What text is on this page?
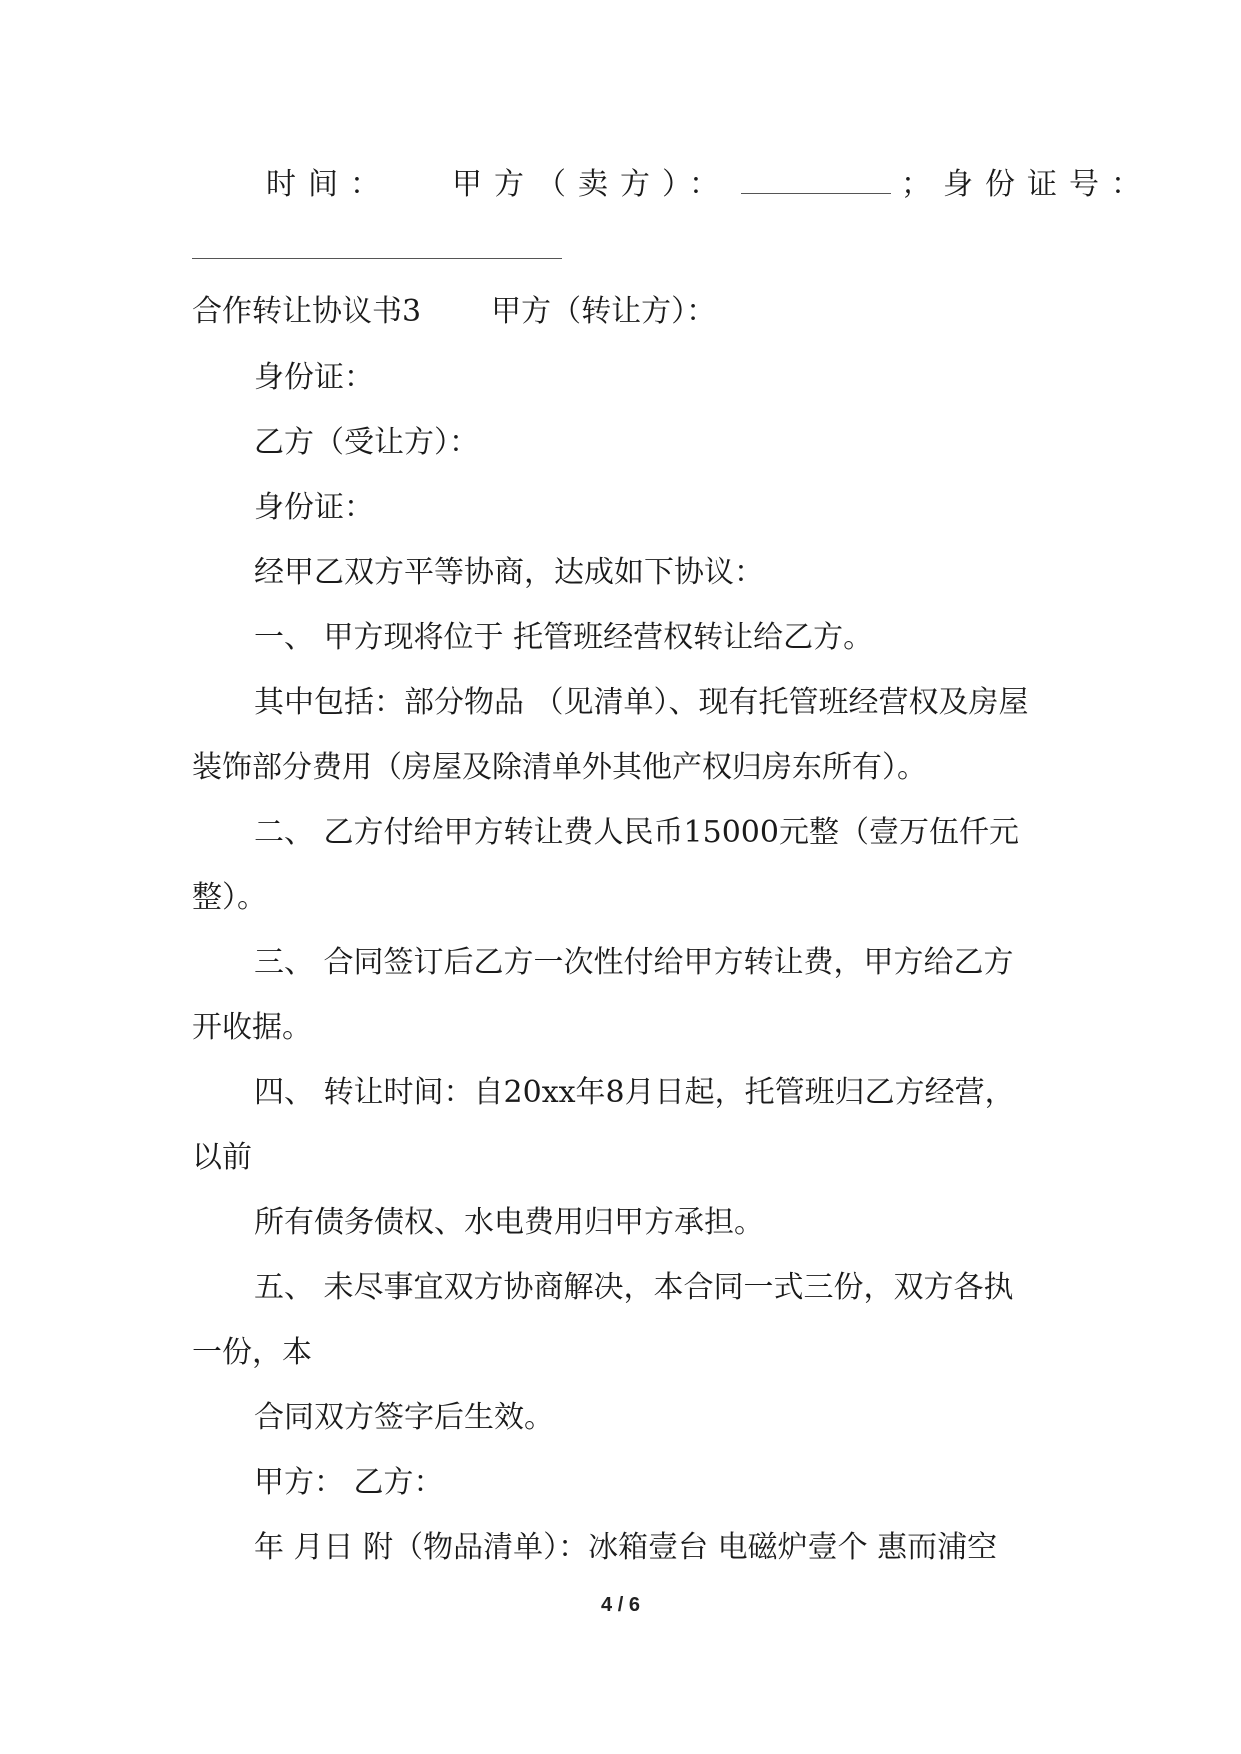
时间： 甲方（卖方）：	；身份证号：
合作转让协议书3 甲方（转让方）：
身份证：
乙方（受让方）：
身份证：
经甲乙双方平等协商，达成如下协议：
一、 甲方现将位于 托管班经营权转让给乙方。
其中包括：部分物品 （见清单）、现有托管班经营权及房屋
装饰部分费用（房屋及除清单外其他产权归房东所有）。
二、 乙方付给甲方转让费人民币15000元整（壹万伍仟元
整）。
三、 合同签订后乙方一次性付给甲方转让费，甲方给乙方
开收据。
四、 转让时间：自20xx年8月日起，托管班归乙方经营，
以前
所有债务债权、水电费用归甲方承担。
五、 未尽事宜双方协商解决，本合同一式三份，双方各执
一份，本
合同双方签字后生效。
甲方： 乙方：
年 月日 附（物品清单）：冰箱壹台 电磁炉壹个 惠而浦空
4 / 6
